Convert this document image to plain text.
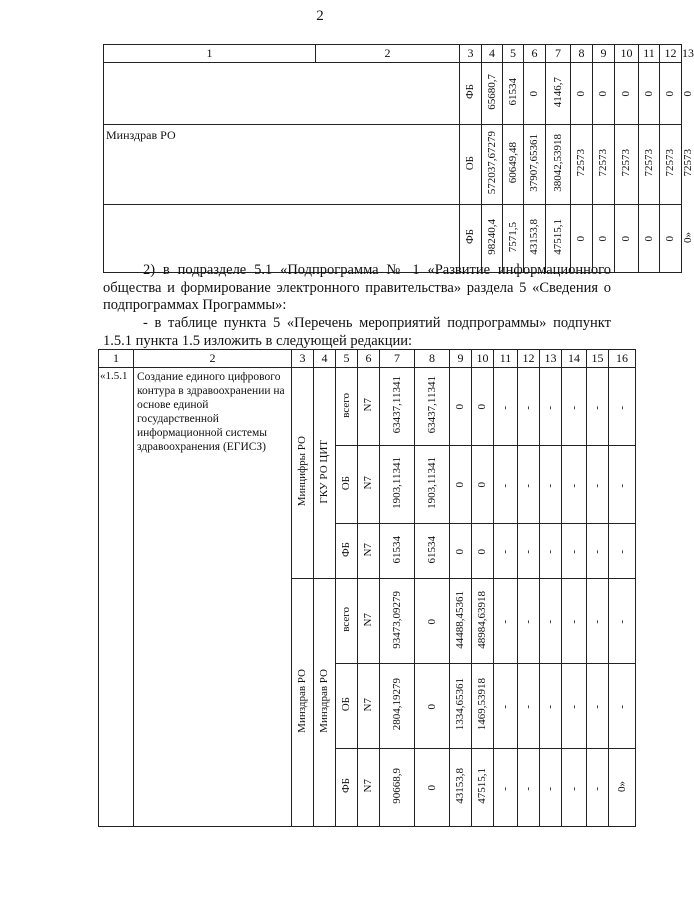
2
1	2	3	4	5	6	7	8	9	10	11	12	13
		ФБ	65680,7	61534	0	4146,7	0	0	0	0	0	0
Минздрав РО		ОБ	572037,67279	60649,48	37907,65361	38042,53918	72573	72573	72573	72573	72573	72573
		ФБ	98240,4	7571,5	43153,8	47515,1	0	0	0	0	0	0»
2) в подразделе 5.1 «Подпрограмма № 1 «Развитие информационного общества и формирование электронного правительства» раздела 5 «Сведения о подпрограммах Программы»:
- в таблице пункта 5 «Перечень мероприятий подпрограммы» подпункт 1.5.1 пункта 1.5 изложить в следующей редакции:
1	2	3	4	5	6	7	8	9	10	11	12	13	14	15	16
«1.5.1	Создание единого цифрового контура в здравоохранении на основе единой государственной информационной системы здравоохранения (ЕГИСЗ)	Минцифры РО	ГКУ РО ЦИТ	всего	N7	63437,11341	63437,11341	0	0	-	-	-	-	-	-
				ОБ	N7	1903,11341	1903,11341	0	0	-	-	-	-	-	-
				ФБ	N7	61534	61534	0	0	-	-	-	-	-	-
		Минздрав РО	Минздрав РО	всего	N7	93473,09279	0	44488,45361	48984,63918	-	-	-	-	-	-
				ОБ	N7	2804,19279	0	1334,65361	1469,53918	-	-	-	-	-	-
				ФБ	N7	90668,9	0	43153,8	47515,1	-	-	-	-	-	0»
